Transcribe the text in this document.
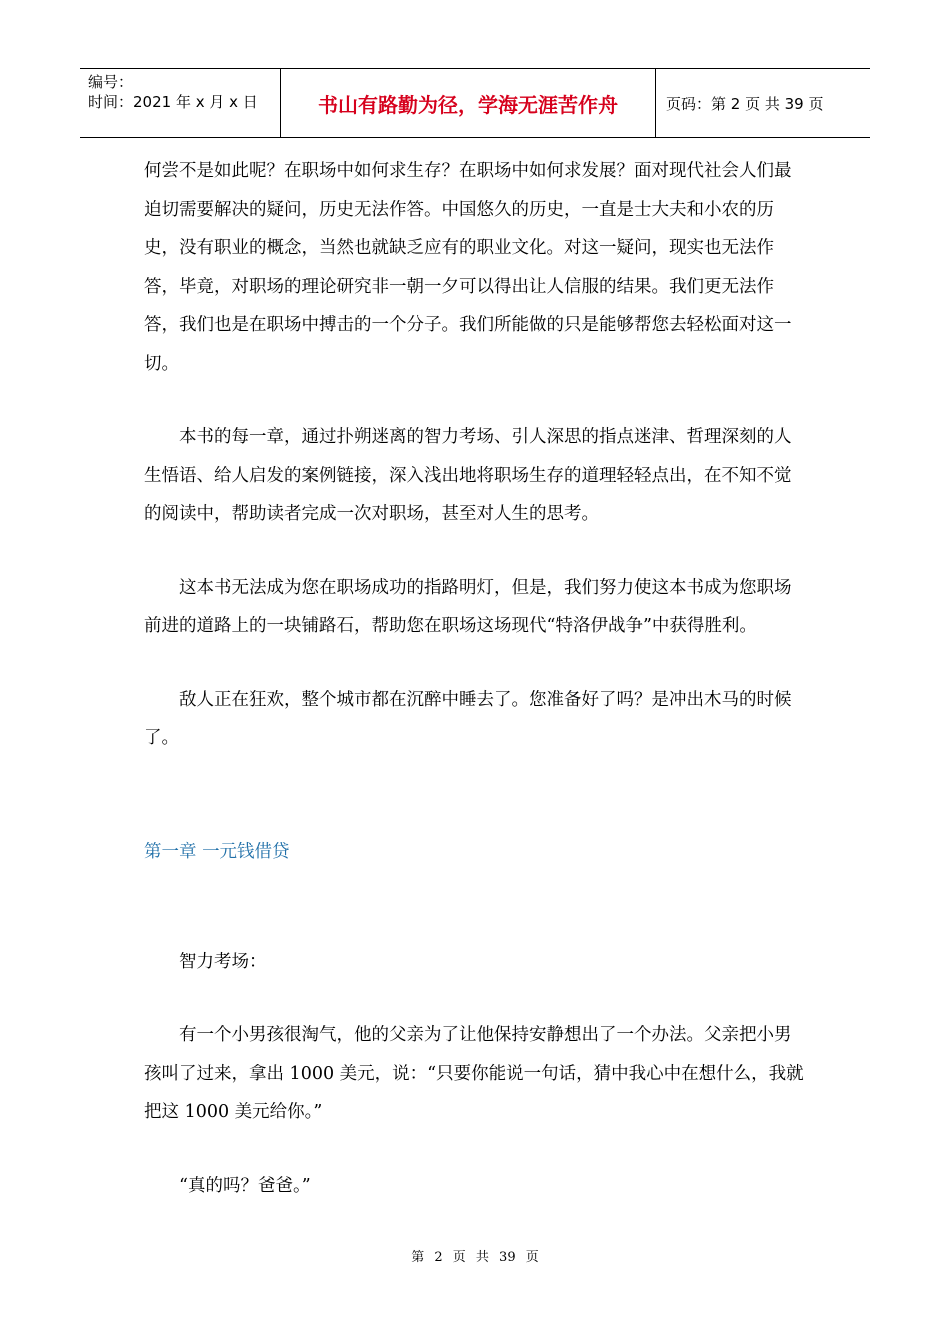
编号：
时间：2021 年 x 月 x 日	书山有路勤为径，学海无涯苦作舟	页码：第 2 页 共 39 页

何尝不是如此呢？在职场中如何求生存？在职场中如何求发展？面对现代社会人们最迫切需要解决的疑问，历史无法作答。中国悠久的历史，一直是士大夫和小农的历史，没有职业的概念，当然也就缺乏应有的职业文化。对这一疑问，现实也无法作答，毕竟，对职场的理论研究非一朝一夕可以得出让人信服的结果。我们更无法作答，我们也是在职场中搏击的一个分子。我们所能做的只是能够帮您去轻松面对这一切。

本书的每一章，通过扑朔迷离的智力考场、引人深思的指点迷津、哲理深刻的人生悟语、给人启发的案例链接，深入浅出地将职场生存的道理轻轻点出，在不知不觉的阅读中，帮助读者完成一次对职场，甚至对人生的思考。

这本书无法成为您在职场成功的指路明灯，但是，我们努力使这本书成为您职场前进的道路上的一块铺路石，帮助您在职场这场现代“特洛伊战争”中获得胜利。

敌人正在狂欢，整个城市都在沉醉中睡去了。您准备好了吗？是冲出木马的时候了。

第一章 一元钱借贷

智力考场：

有一个小男孩很淘气，他的父亲为了让他保持安静想出了一个办法。父亲把小男孩叫了过来，拿出 1000 美元，说：“只要你能说一句话，猜中我心中在想什么，我就把这 1000 美元给你。”

“真的吗？爸爸。”

第 2 页 共 39 页
